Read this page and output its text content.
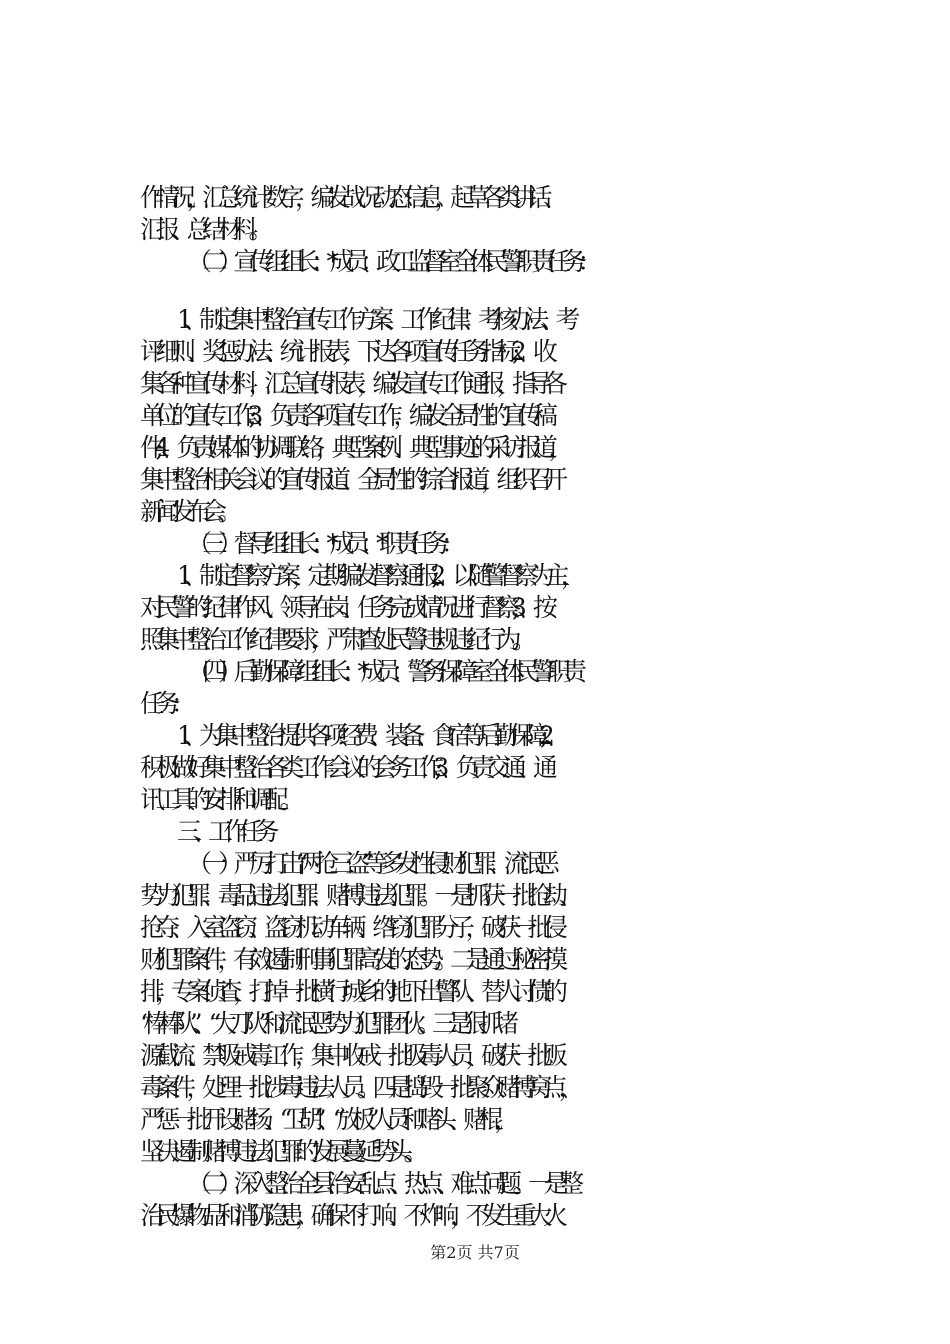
作情况，汇总统计数字，编发战况动态信息，起草各类讲话、
汇报、总结材料。
（二）宣传组组长：*成员：政工监督室全体民警职责任务：
1、制定集中整治宣传工作方案、工作纪律、考核办法、考
评细则、奖惩办法、统计报表，下达各项宣传任务指标;2、收
集各种宣传材料，汇总宣传报表，编发宣传工作通报，指导各
单位的宣传工作;3、负责各项宣传工作，编发全局性的宣传稿
件;4、负责媒体的协调联络，典型案例、典型事迹的采访报道，
集中整治相关会议的宣传报道、全局性的综合报道，组织召开
新闻发布会。
（三）督导组组长：*成员：*职责任务：
1、制定督察方案，定期编发督察通报;2、以随警督察为主，
对民警的纪律作风、领导在岗、任务完成情况进行督察;3、按
照集中整治工作纪律要求，严肃查处民警违规违纪行为。
（四）后勤保障组组长：*成员：警务保障室全体民警职责
任务：
1、为集中整治提供各项经费、装备、食宿等后勤保障;2、
积极做好集中整治各类工作会议的会务工作;3、负责交通、通
讯工具的安排和调配。
三、工作任务
（一）严厉打击“两抢三盗”等多发性侵财犯罪、流氓恶
势力犯罪、毒品违法犯罪、赌博违法犯罪。一是抓获一批抢劫、
抢夺、入室盗窃、盗窃机动车辆、绺窃犯罪分子，破获一批侵
财犯罪案件，有效遏制刑事犯罪高发的态势。二是通过秘密摸
排，专案侦查，打掉一批横行城乡的地下出警队、替人讨债的
“棒棒队”、“大刀队”和流氓恶势力犯罪团伙。三是狠抓堵
源截流、禁吸戒毒工作，集中收戒一批吸毒人员，破获一批贩
毒案件，处理一批涉毒违法人员。四是捣毁一批聚众赌博窝点，
严惩一批开设赌场、“卫胡”、“放板”人员和赌头、赌棍，
坚决遏制赌博违法犯罪的发展蔓延势头。
（二）深入整治全县治安乱点、热点、难点问题。一是整
治民爆物品和消防隐患，确保不打响、不炸响，不发生重大火
第2页 共7页
